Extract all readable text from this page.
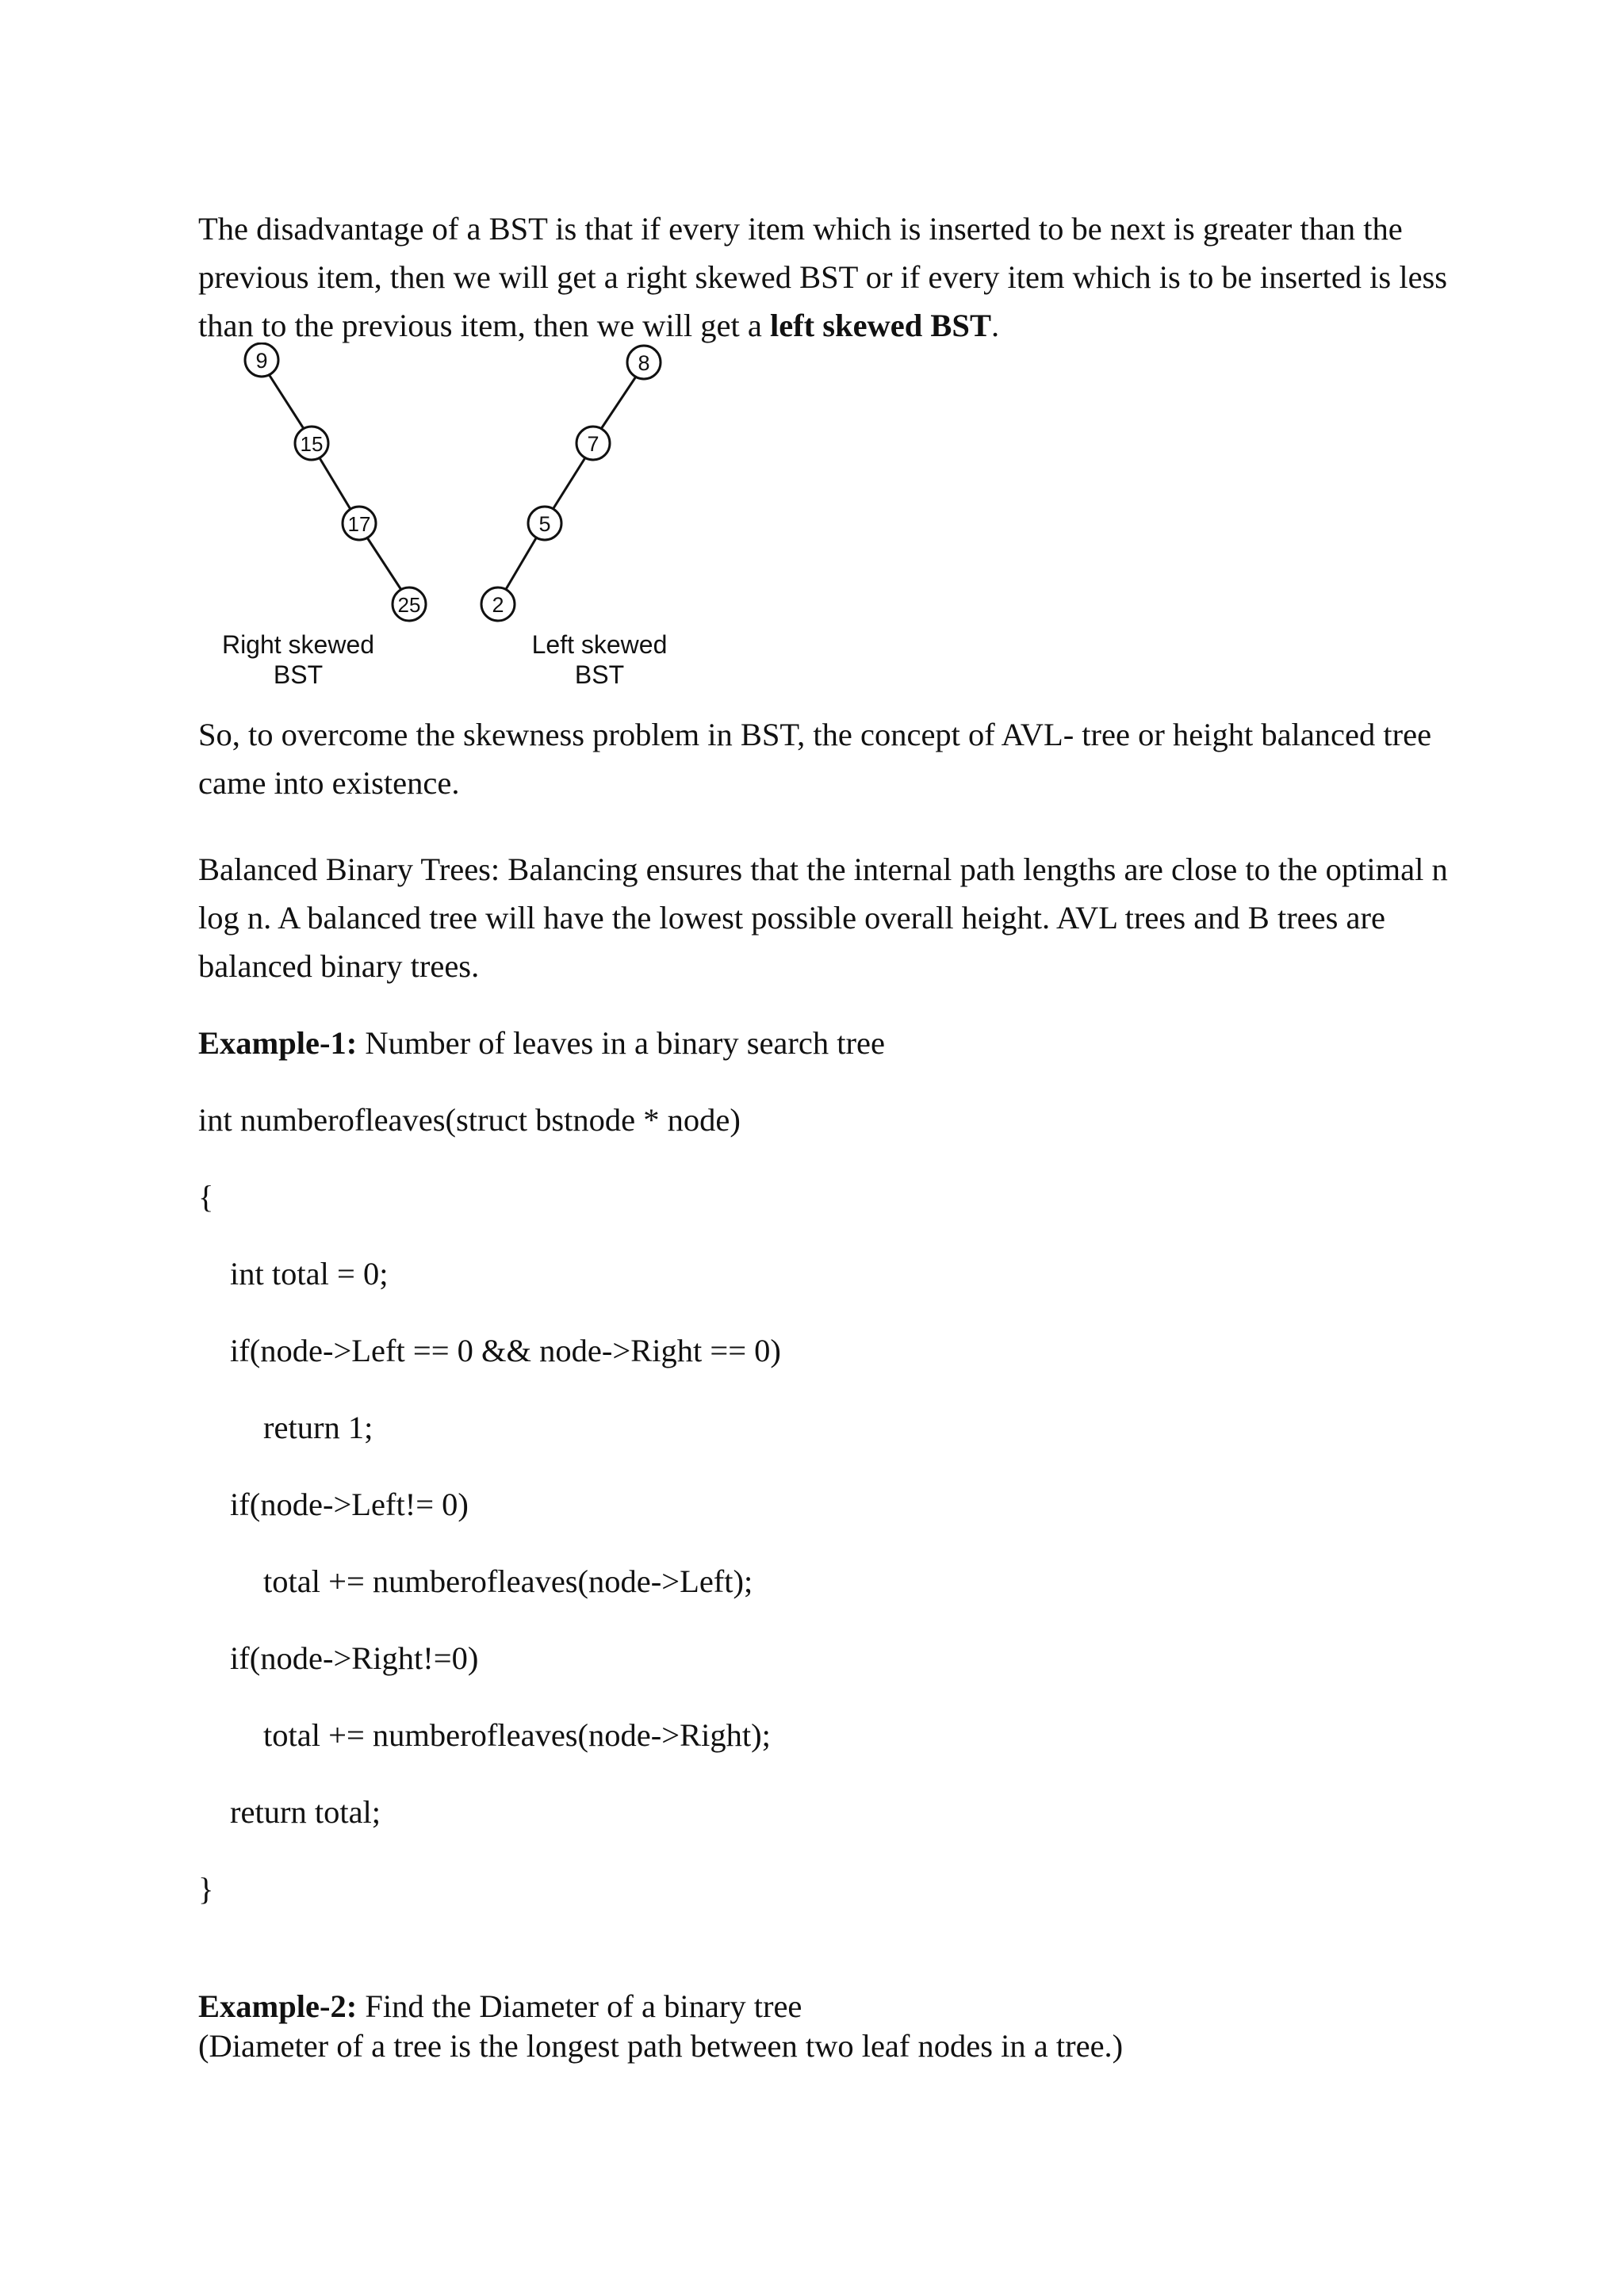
The disadvantage of a BST is that if every item which is inserted to be next is greater than the previous item, then we will get a right skewed BST or if every item which is to be inserted is less than to the previous item, then we will get a left skewed BST.

9
15
17
25
Right skewed
BST
8
7
5
2
Left skewed
BST

So, to overcome the skewness problem in BST, the concept of AVL- tree or height balanced tree came into existence.

Balanced Binary Trees: Balancing ensures that the internal path lengths are close to the optimal n log n. A balanced tree will have the lowest possible overall height. AVL trees and B trees are balanced binary trees.

Example-1: Number of leaves in a binary search tree

int numberofleaves(struct bstnode * node)

{

int total = 0;

if(node->Left == 0 && node->Right == 0)

return 1;

if(node->Left!= 0)

total += numberofleaves(node->Left);

if(node->Right!=0)

total += numberofleaves(node->Right);

return total;

}

Example-2: Find the Diameter of a binary tree

(Diameter of a tree is the longest path between two leaf nodes in a tree.)
